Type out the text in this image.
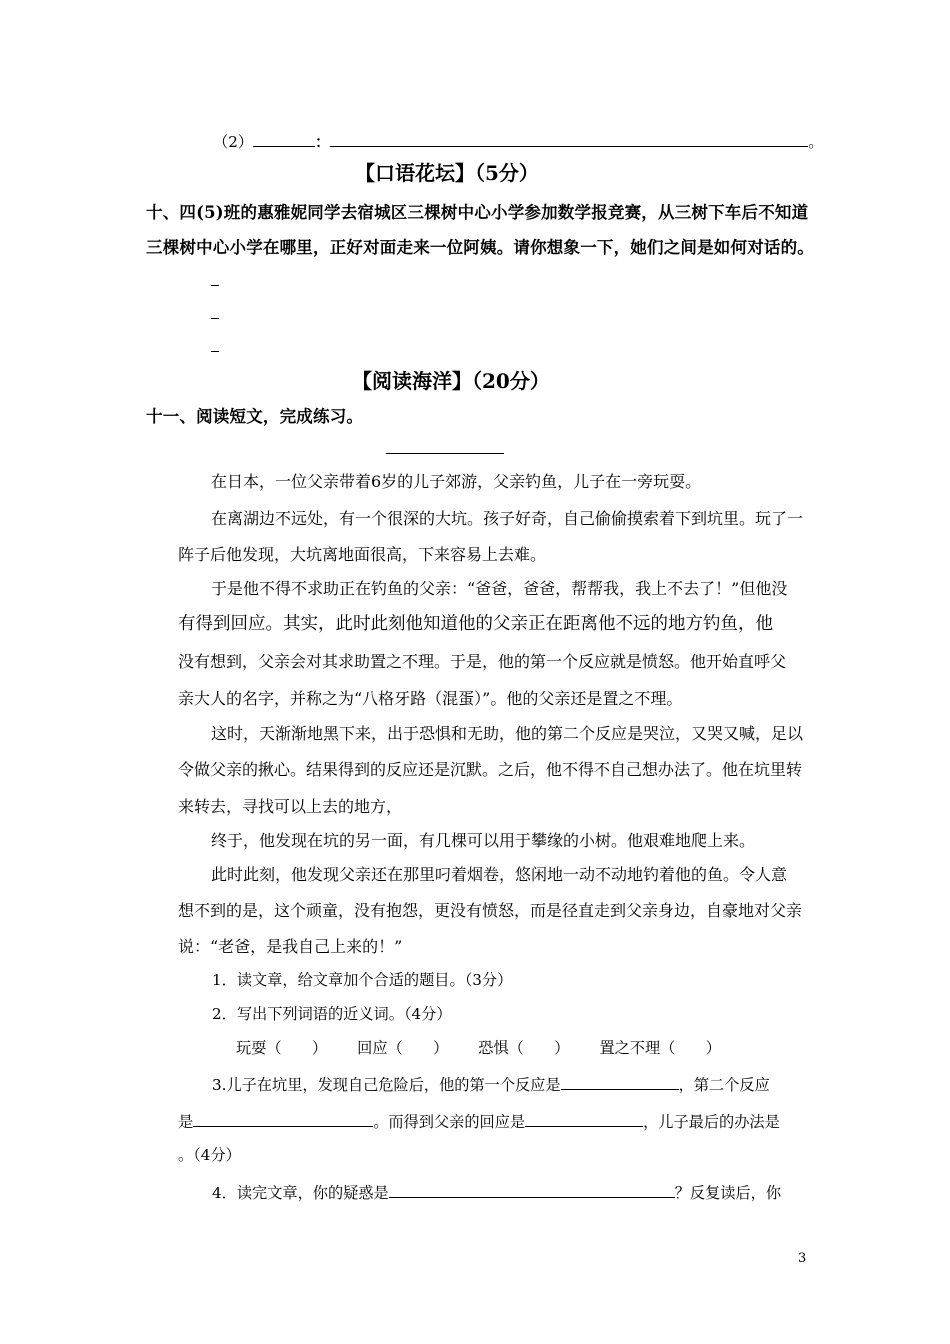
（2）	：	。
【口语花坛】（5分）
十、四(5)班的惠雅妮同学去宿城区三棵树中心小学参加数学报竞赛，从三树下车后不知道
三棵树中心小学在哪里，正好对面走来一位阿姨。请你想象一下，她们之间是如何对话的。
【阅读海洋】（20分）
十一、阅读短文，完成练习。
在日本，一位父亲带着6岁的儿子郊游，父亲钓鱼，儿子在一旁玩耍。
在离湖边不远处，有一个很深的大坑。孩子好奇，自己偷偷摸索着下到坑里。玩了一
阵子后他发现，大坑离地面很高，下来容易上去难。
于是他不得不求助正在钓鱼的父亲：“爸爸，爸爸，帮帮我，我上不去了！”但他没
有得到回应。其实，此时此刻他知道他的父亲正在距离他不远的地方钓鱼，他
没有想到，父亲会对其求助置之不理。于是，他的第一个反应就是愤怒。他开始直呼父
亲大人的名字，并称之为“八格牙路（混蛋）”。他的父亲还是置之不理。
这时，天渐渐地黑下来，出于恐惧和无助，他的第二个反应是哭泣，又哭又喊，足以
令做父亲的揪心。结果得到的反应还是沉默。之后，他不得不自己想办法了。他在坑里转
来转去，寻找可以上去的地方，
终于，他发现在坑的另一面，有几棵可以用于攀缘的小树。他艰难地爬上来。
此时此刻，他发现父亲还在那里叼着烟卷，悠闲地一动不动地钓着他的鱼。令人意
想不到的是，这个顽童，没有抱怨，更没有愤怒，而是径直走到父亲身边，自豪地对父亲
说：“老爸，是我自己上来的！”
1．读文章，给文章加个合适的题目。（3分）
2．写出下列词语的近义词。（4分）
玩耍（　　） 回应（　　） 恐惧（　　） 置之不理（　　）
3.儿子在坑里，发现自己危险后，他的第一个反应是	，第二个反应
是	。而得到父亲的回应是	，儿子最后的办法是
。（4分）
4．读完文章，你的疑惑是	？反复读后，你
3
